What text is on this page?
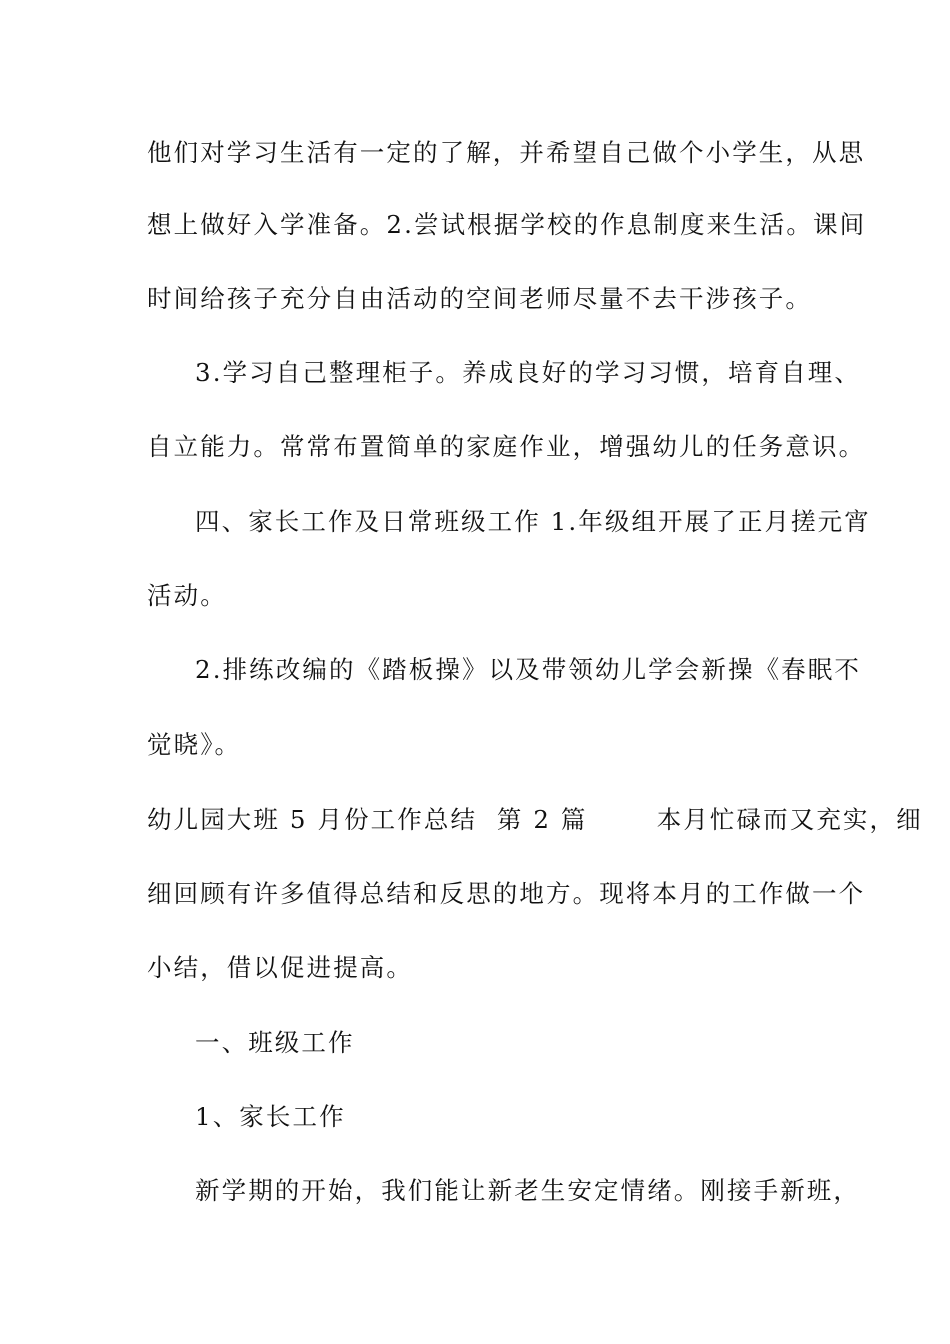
他们对学习生活有一定的了解，并希望自己做个小学生，从思
想上做好入学准备。2.尝试根据学校的作息制度来生活。课间
时间给孩子充分自由活动的空间老师尽量不去干涉孩子。
3.学习自己整理柜子。养成良好的学习习惯，培育自理、
自立能力。常常布置简单的家庭作业，增强幼儿的任务意识。
四、家长工作及日常班级工作 1.年级组开展了正月搓元宵
活动。
2.排练改编的《踏板操》以及带领幼儿学会新操《春眠不
觉晓》。
幼儿园大班 5 月份工作总结  第 2 篇       本月忙碌而又充实，细
细回顾有许多值得总结和反思的地方。现将本月的工作做一个
小结，借以促进提高。
一、班级工作
1、家长工作
新学期的开始，我们能让新老生安定情绪。刚接手新班，
